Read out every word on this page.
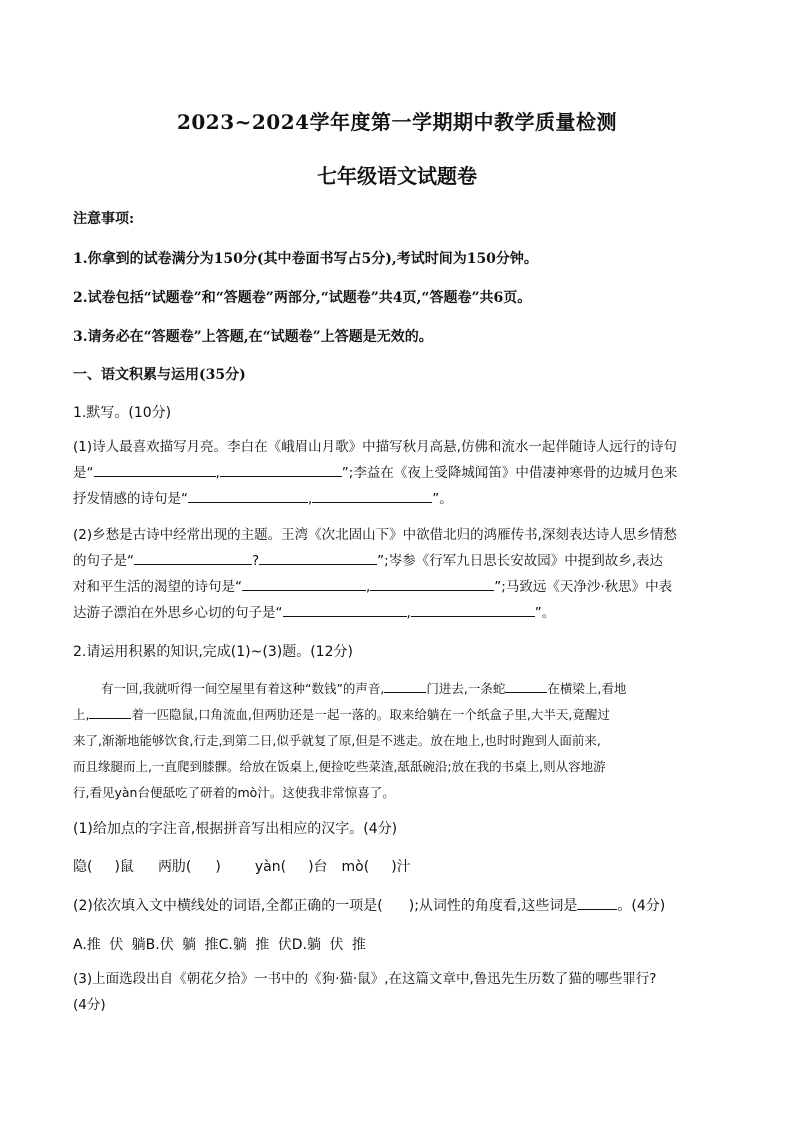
2023~2024学年度第一学期期中教学质量检测
七年级语文试题卷
注意事项:
1.你拿到的试卷满分为150分(其中卷面书写占5分),考试时间为150分钟。
2.试卷包括“试题卷”和“答题卷”两部分,“试题卷”共4页,“答题卷”共6页。
3.请务必在“答题卷”上答题,在“试题卷”上答题是无效的。
一、语文积累与运用(35分)
1.默写。(10分)
(1)诗人最喜欢描写月亮。李白在《峨眉山月歌》中描写秋月高悬,仿佛和流水一起伴随诗人远行的诗句
是“	,	”;李益在《夜上受降城闻笛》中借凄神寒骨的边城月色来
抒发情感的诗句是“	,	”。
(2)乡愁是古诗中经常出现的主题。王湾《次北固山下》中欲借北归的鸿雁传书,深刻表达诗人思乡情愁
的句子是“	?	”;岑参《行军九日思长安故园》中提到故乡,表达
对和平生活的渴望的诗句是“	,	”;马致远《天净沙·秋思》中表
达游子漂泊在外思乡心切的句子是“	,	”。
2.请运用积累的知识,完成(1)~(3)题。(12分)
有一回,我就听得一间空屋里有着这种“数钱”的声音,	门进去,一条蛇	在横梁上,看地
上,	着一匹隐鼠,口角流血,但两肋还是一起一落的。取来给躺在一个纸盒子里,大半天,竟醒过
来了,渐渐地能够饮食,行走,到第二日,似乎就复了原,但是不逃走。放在地上,也时时跑到人面前来,
而且缘腿而上,一直爬到膝髁。给放在饭桌上,便捡吃些菜渣,舐舐碗沿;放在我的书桌上,则从容地游
行,看见yàn台便舐吃了研着的mò汁。这使我非常惊喜了。
(1)给加点的字注音,根据拼音写出相应的汉字。(4分)
隐( )鼠 两肋( ) yàn( )台 mò( )汁
(2)依次填入文中横线处的词语,全都正确的一项是( );从词性的角度看,这些词是	。(4分)
A.推 伏 躺B.伏 躺 推C.躺 推 伏D.躺 伏 推
(3)上面选段出自《朝花夕拾》一书中的《狗·猫·鼠》,在这篇文章中,鲁迅先生历数了猫的哪些罪行?
(4分)
